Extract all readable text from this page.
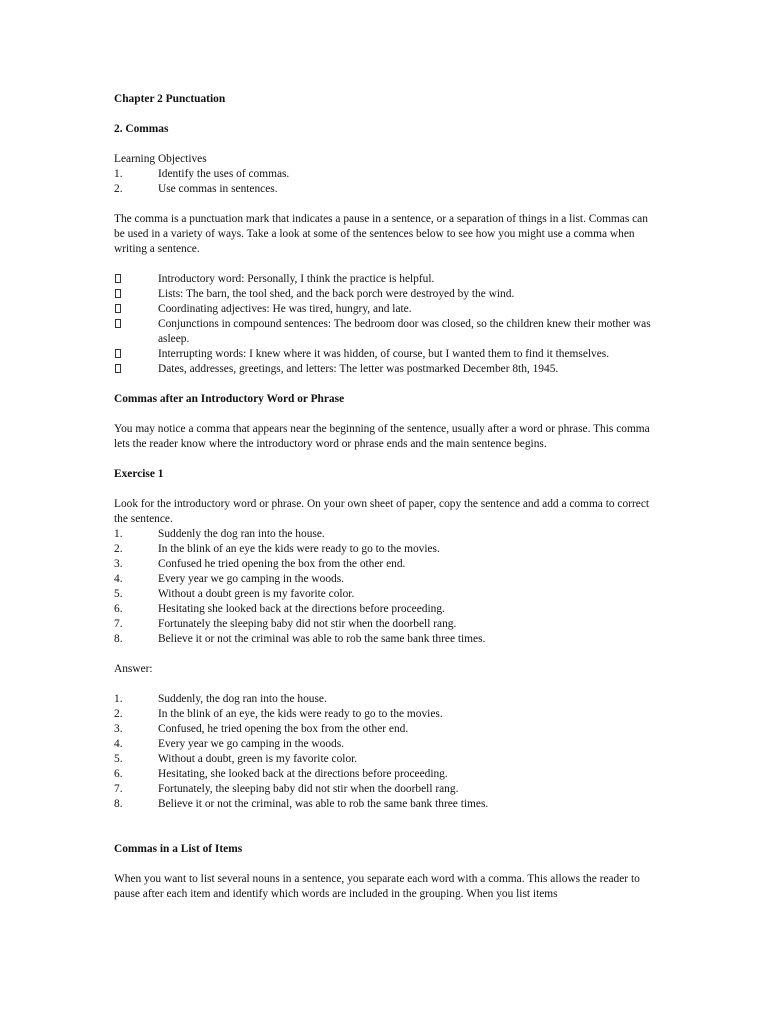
Chapter 2 Punctuation

2. Commas

Learning Objectives

1.	Identify the uses of commas.
2.	Use commas in sentences.

The comma is a punctuation mark that indicates a pause in a sentence, or a separation of things in a list. Commas can be used in a variety of ways. Take a look at some of the sentences below to see how you might use a comma when writing a sentence.

Introductory word: Personally, I think the practice is helpful.
Lists: The barn, the tool shed, and the back porch were destroyed by the wind.
Coordinating adjectives: He was tired, hungry, and late.
Conjunctions in compound sentences: The bedroom door was closed, so the children knew their mother was asleep.
Interrupting words: I knew where it was hidden, of course, but I wanted them to find it themselves.
Dates, addresses, greetings, and letters: The letter was postmarked December 8th, 1945.

Commas after an Introductory Word or Phrase

You may notice a comma that appears near the beginning of the sentence, usually after a word or phrase. This comma lets the reader know where the introductory word or phrase ends and the main sentence begins.

Exercise 1

Look for the introductory word or phrase. On your own sheet of paper, copy the sentence and add a comma to correct the sentence.

1.	Suddenly the dog ran into the house.
2.	In the blink of an eye the kids were ready to go to the movies.
3.	Confused he tried opening the box from the other end.
4.	Every year we go camping in the woods.
5.	Without a doubt green is my favorite color.
6.	Hesitating she looked back at the directions before proceeding.
7.	Fortunately the sleeping baby did not stir when the doorbell rang.
8.	Believe it or not the criminal was able to rob the same bank three times.

Answer:

1.	Suddenly, the dog ran into the house.
2.	In the blink of an eye, the kids were ready to go to the movies.
3.	Confused, he tried opening the box from the other end.
4.	Every year we go camping in the woods.
5.	Without a doubt, green is my favorite color.
6.	Hesitating, she looked back at the directions before proceeding.
7.	Fortunately, the sleeping baby did not stir when the doorbell rang.
8.	Believe it or not the criminal, was able to rob the same bank three times.

Commas in a List of Items

When you want to list several nouns in a sentence, you separate each word with a comma. This allows the reader to pause after each item and identify which words are included in the grouping. When you list items
